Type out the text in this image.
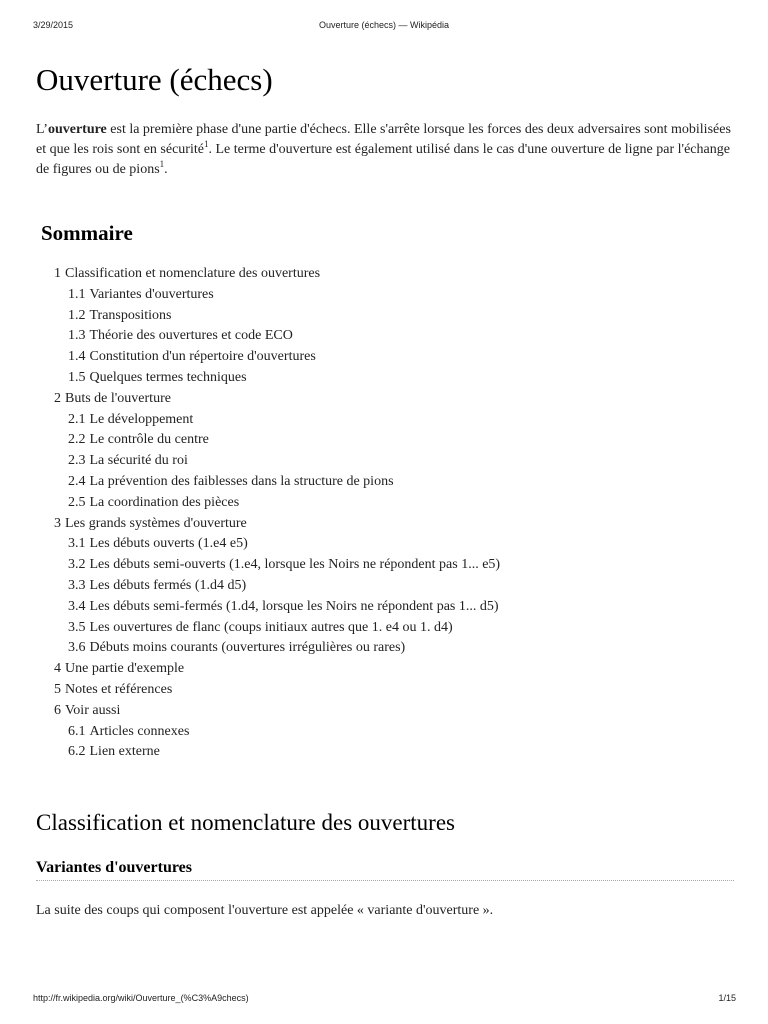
3/29/2015	Ouverture (échecs) — Wikipédia
Ouverture (échecs)

L’ouverture est la première phase d'une partie d'échecs. Elle s'arrête lorsque les forces des deux adversaires sont mobilisées et que les rois sont en sécurité$^1$. Le terme d'ouverture est également utilisé dans le cas d'une ouverture de ligne par l'échange de figures ou de pions$^1$.

Sommaire
1 Classification et nomenclature des ouvertures
1.1 Variantes d'ouvertures
1.2 Transpositions
1.3 Théorie des ouvertures et code ECO
1.4 Constitution d'un répertoire d'ouvertures
1.5 Quelques termes techniques
2 Buts de l'ouverture
2.1 Le développement
2.2 Le contrôle du centre
2.3 La sécurité du roi
2.4 La prévention des faiblesses dans la structure de pions
2.5 La coordination des pièces
3 Les grands systèmes d'ouverture
3.1 Les débuts ouverts (1.e4 e5)
3.2 Les débuts semi-ouverts (1.e4, lorsque les Noirs ne répondent pas 1... e5)
3.3 Les débuts fermés (1.d4 d5)
3.4 Les débuts semi-fermés (1.d4, lorsque les Noirs ne répondent pas 1... d5)
3.5 Les ouvertures de flanc (coups initiaux autres que 1. e4 ou 1. d4)
3.6 Débuts moins courants (ouvertures irrégulières ou rares)
4 Une partie d'exemple
5 Notes et références
6 Voir aussi
6.1 Articles connexes
6.2 Lien externe
Classification et nomenclature des ouvertures
Variantes d'ouvertures

La suite des coups qui composent l'ouverture est appelée « variante d'ouverture ».

http://fr.wikipedia.org/wiki/Ouverture_(%C3%A9checs)	1/15
